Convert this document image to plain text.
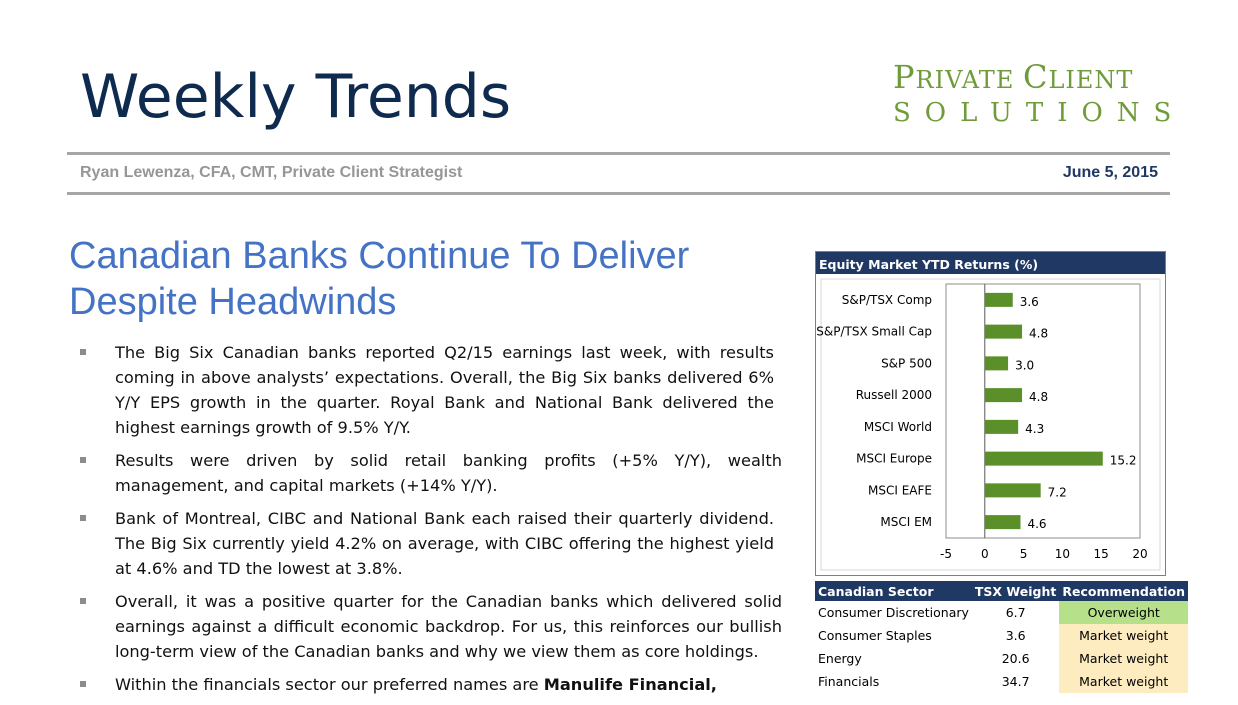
Weekly Trends	PRIVATE CLIENT
SOLUTIONS
Ryan Lewenza, CFA, CMT, Private Client Strategist	June 5, 2015
Canadian Banks Continue To Deliver Despite Headwinds
The Big Six Canadian banks reported Q2/15 earnings last week, with results coming in above analysts’ expectations. Overall, the Big Six banks delivered 6% Y/Y EPS growth in the quarter. Royal Bank and National Bank delivered the highest earnings growth of 9.5% Y/Y.
Results were driven by solid retail banking profits (+5% Y/Y), wealth management, and capital markets (+14% Y/Y).
Bank of Montreal, CIBC and National Bank each raised their quarterly dividend. The Big Six currently yield 4.2% on average, with CIBC offering the highest yield at 4.6% and TD the lowest at 3.8%.
Overall, it was a positive quarter for the Canadian banks which delivered solid earnings against a difficult economic backdrop. For us, this reinforces our bullish long-term view of the Canadian banks and why we view them as core holdings.
Within the financials sector our preferred names are Manulife Financial,
Equity Market YTD Returns (%)
S&P/TSX Comp	3.6
S&P/TSX Small Cap	4.8
S&P 500	3.0
Russell 2000	4.8
MSCI World	4.3
MSCI Europe	15.2
MSCI EAFE	7.2
MSCI EM	4.6
-5 0	5 10 15 20
Canadian Sector	TSX Weight	Recommendation
Consumer Discretionary	6.7	Overweight
Consumer Staples	3.6	Market weight
Energy	20.6	Market weight
Financials	34.7	Market weight
